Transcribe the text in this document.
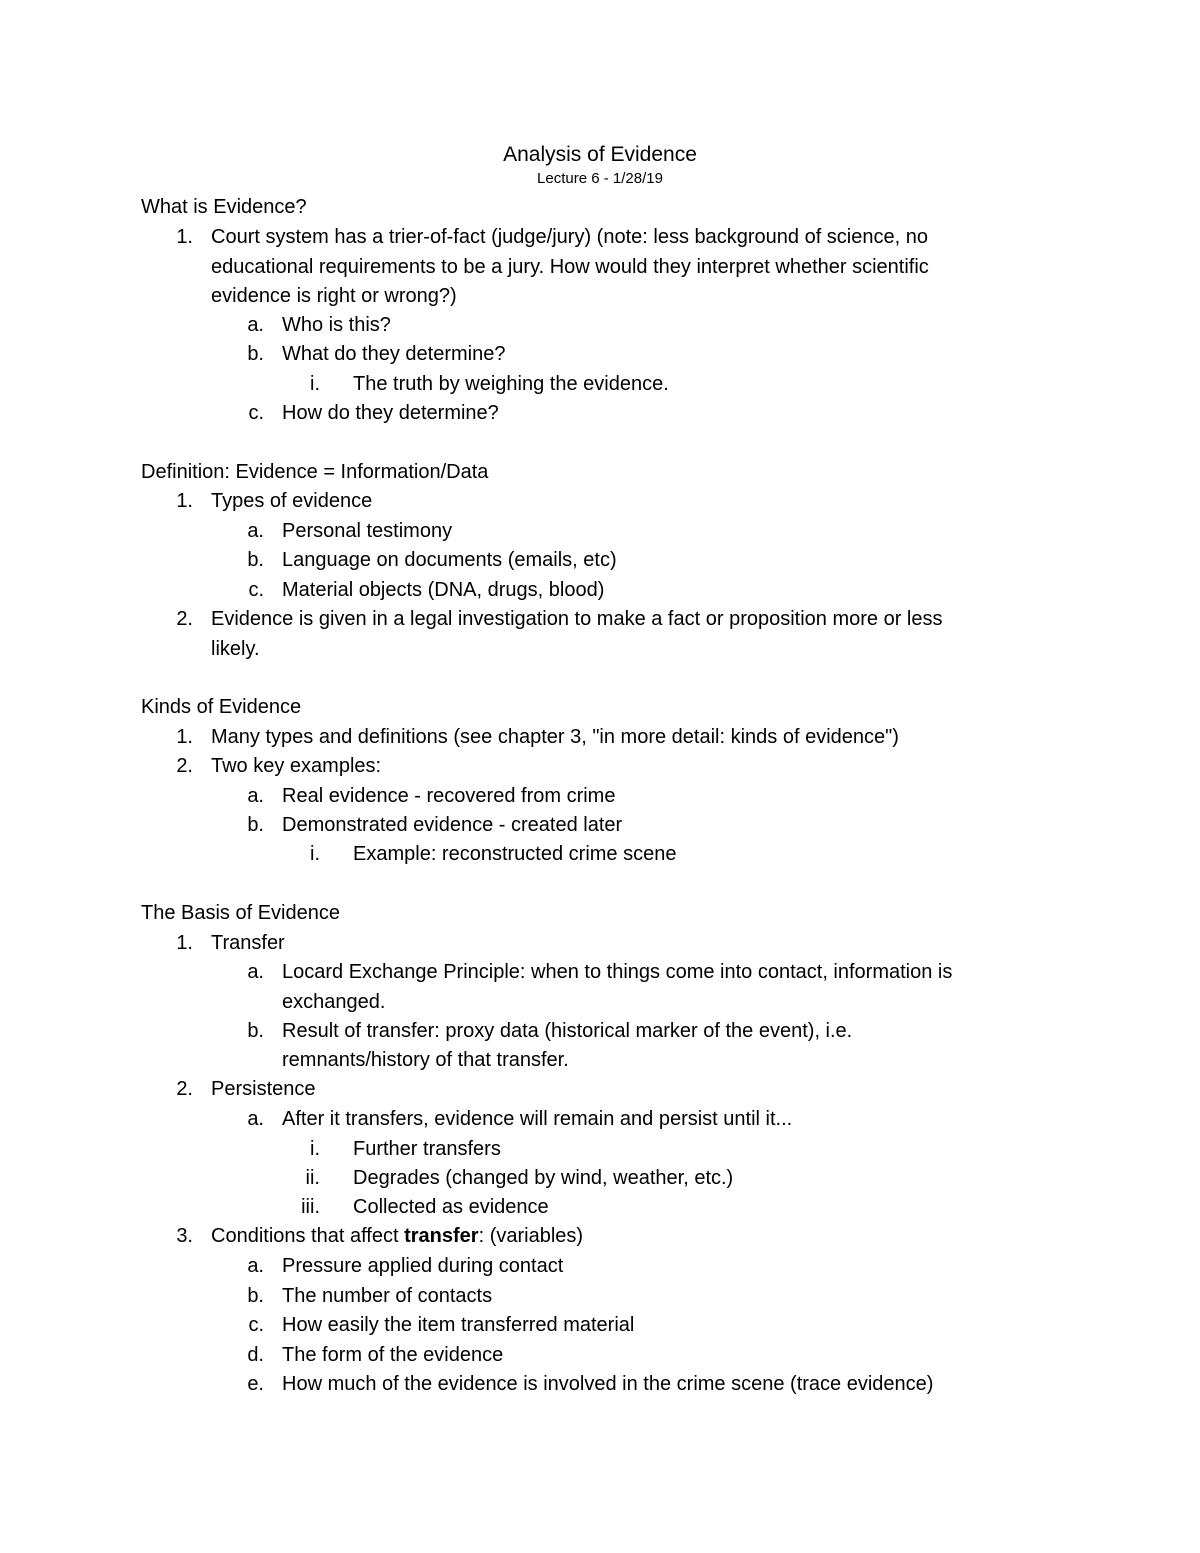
Analysis of Evidence
Lecture 6 - 1/28/19
What is Evidence?
1. Court system has a trier-of-fact (judge/jury) (note: less background of science, no
educational requirements to be a jury. How would they interpret whether scientific
evidence is right or wrong?)
a. Who is this?
b. What do they determine?
i. The truth by weighing the evidence.
c. How do they determine?
Definition: Evidence = Information/Data
1. Types of evidence
a. Personal testimony
b. Language on documents (emails, etc)
c. Material objects (DNA, drugs, blood)
2. Evidence is given in a legal investigation to make a fact or proposition more or less
likely.
Kinds of Evidence
1. Many types and definitions (see chapter 3, "in more detail: kinds of evidence")
2. Two key examples:
a. Real evidence - recovered from crime
b. Demonstrated evidence - created later
i. Example: reconstructed crime scene
The Basis of Evidence
1. Transfer
a. Locard Exchange Principle: when to things come into contact, information is
exchanged.
b. Result of transfer: proxy data (historical marker of the event), i.e.
remnants/history of that transfer.
2. Persistence
a. After it transfers, evidence will remain and persist until it...
i. Further transfers
ii. Degrades (changed by wind, weather, etc.)
iii. Collected as evidence
3. Conditions that affect transfer: (variables)
a. Pressure applied during contact
b. The number of contacts
c. How easily the item transferred material
d. The form of the evidence
e. How much of the evidence is involved in the crime scene (trace evidence)
